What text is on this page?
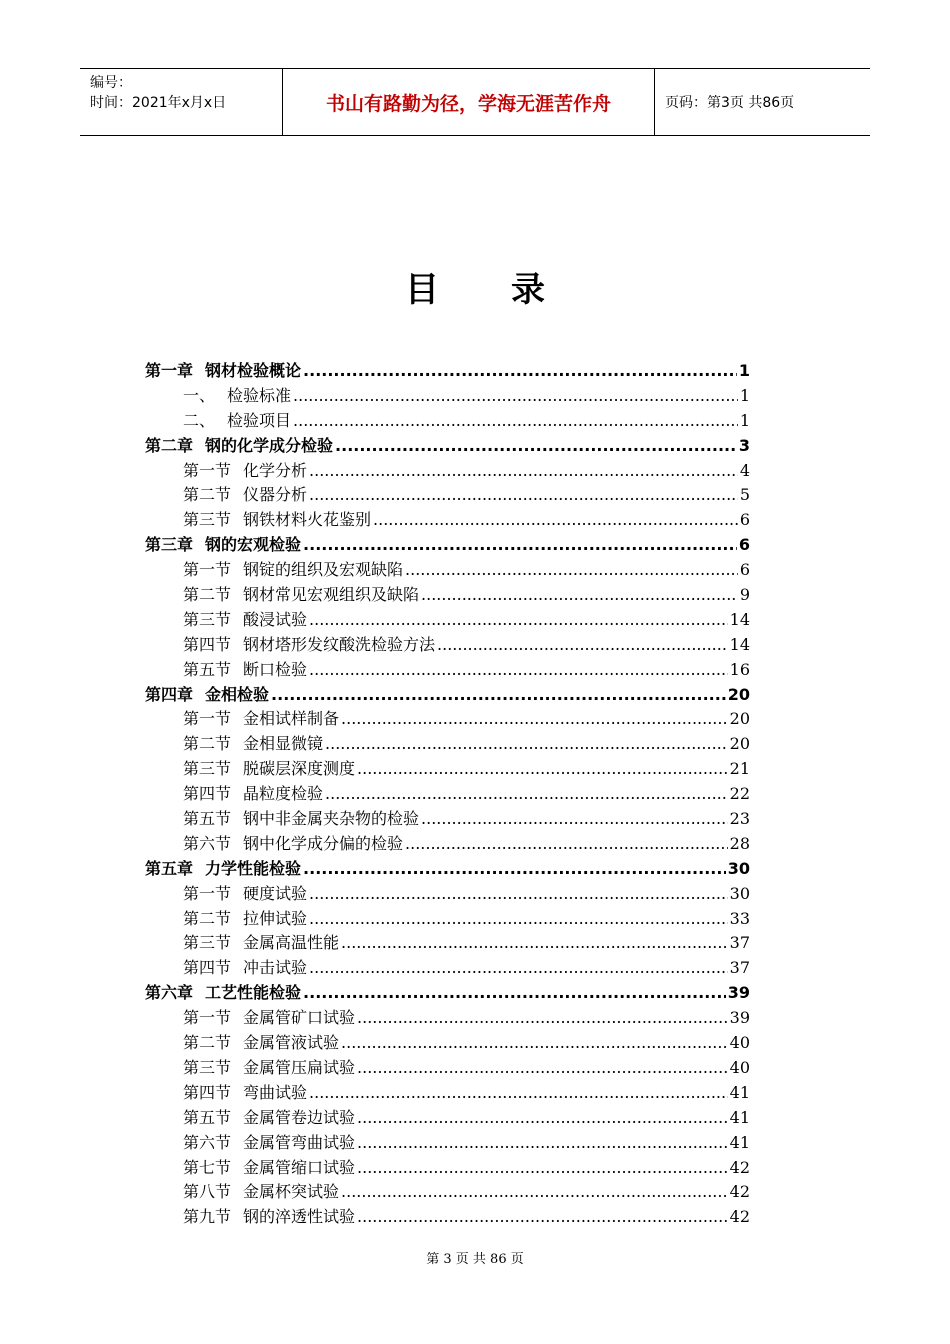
编号：
时间：2021年x月x日	书山有路勤为径，学海无涯苦作舟	页码：第3页 共86页
目 录
第一章 钢材检验概论 .....	1
一、 检验标准 .....	1
二、 检验项目 .....	1
第二章 钢的化学成分检验 .....	3
第一节 化学分析 .....	4
第二节 仪器分析 .....	5
第三节 钢铁材料火花鉴别 .....	6
第三章 钢的宏观检验 .....	6
第一节 钢锭的组织及宏观缺陷 .....	6
第二节 钢材常见宏观组织及缺陷 .....	9
第三节 酸浸试验 .....	14
第四节 钢材塔形发纹酸洗检验方法 .....	14
第五节 断口检验 .....	16
第四章 金相检验 .....	20
第一节 金相试样制备 .....	20
第二节 金相显微镜 .....	20
第三节 脱碳层深度测度 .....	21
第四节 晶粒度检验 .....	22
第五节 钢中非金属夹杂物的检验 .....	23
第六节 钢中化学成分偏的检验 .....	28
第五章 力学性能检验 .....	30
第一节 硬度试验 .....	30
第二节 拉伸试验 .....	33
第三节 金属高温性能 .....	37
第四节 冲击试验 .....	37
第六章 工艺性能检验 .....	39
第一节 金属管矿口试验 .....	39
第二节 金属管液试验 .....	40
第三节 金属管压扁试验 .....	40
第四节 弯曲试验 .....	41
第五节 金属管卷边试验 .....	41
第六节 金属管弯曲试验 .....	41
第七节 金属管缩口试验 .....	42
第八节 金属杯突试验 .....	42
第九节 钢的淬透性试验 .....	42
第 3 页 共 86 页
